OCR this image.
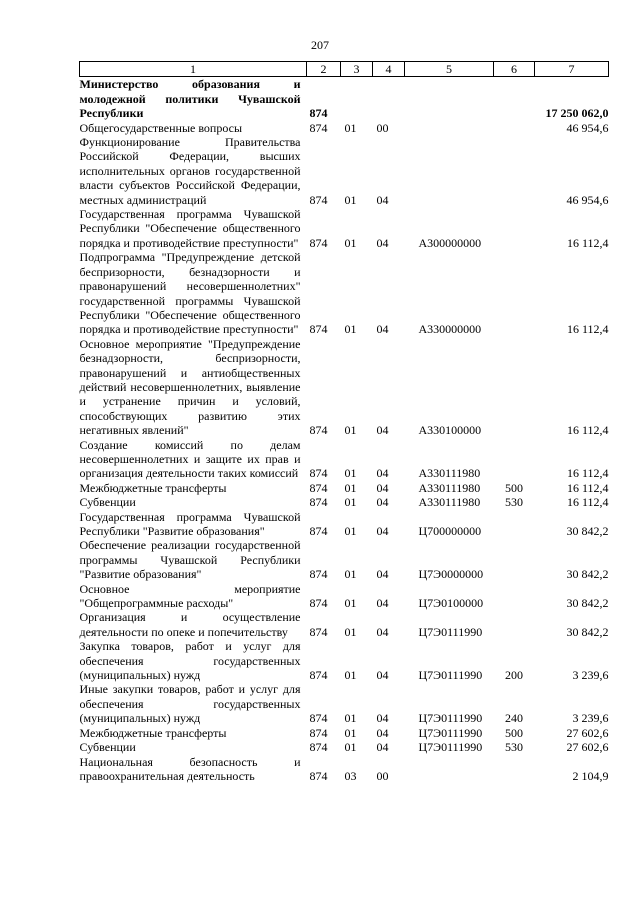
207
1	2	3	4	5	6	7
Министерство образования и молодежной политики Чувашской Республики	874					17 250 062,0
Общегосударственные вопросы	874	01	00			46 954,6
Функционирование Правительства Российской Федерации, высших исполнительных органов государственной власти субъектов Российской Федерации, местных администраций	874	01	04			46 954,6
Государственная программа Чувашской Республики "Обеспечение общественного порядка и противодействие преступности"	874	01	04	А300000000		16 112,4
Подпрограмма "Предупреждение детской беспризорности, безнадзорности и правонарушений несовершеннолетних" государственной программы Чувашской Республики "Обеспечение общественного порядка и противодействие преступности"	874	01	04	А330000000		16 112,4
Основное мероприятие "Предупреждение безнадзорности, беспризорности, правонарушений и антиобщественных действий несовершеннолетних, выявление и устранение причин и условий, способствующих развитию этих негативных явлений"	874	01	04	А330100000		16 112,4
Создание комиссий по делам несовершеннолетних и защите их прав и организация деятельности таких комиссий	874	01	04	А330111980		16 112,4
Межбюджетные трансферты	874	01	04	А330111980	500	16 112,4
Субвенции	874	01	04	А330111980	530	16 112,4
Государственная программа Чувашской Республики "Развитие образования"	874	01	04	Ц700000000		30 842,2
Обеспечение реализации государственной программы Чувашской Республики "Развитие образования"	874	01	04	Ц7Э0000000		30 842,2
Основное мероприятие "Общепрограммные расходы"	874	01	04	Ц7Э0100000		30 842,2
Организация и осуществление деятельности по опеке и попечительству	874	01	04	Ц7Э0111990		30 842,2
Закупка товаров, работ и услуг для обеспечения государственных (муниципальных) нужд	874	01	04	Ц7Э0111990	200	3 239,6
Иные закупки товаров, работ и услуг для обеспечения государственных (муниципальных) нужд	874	01	04	Ц7Э0111990	240	3 239,6
Межбюджетные трансферты	874	01	04	Ц7Э0111990	500	27 602,6
Субвенции	874	01	04	Ц7Э0111990	530	27 602,6
Национальная безопасность и правоохранительная деятельность	874	03	00			2 104,9
